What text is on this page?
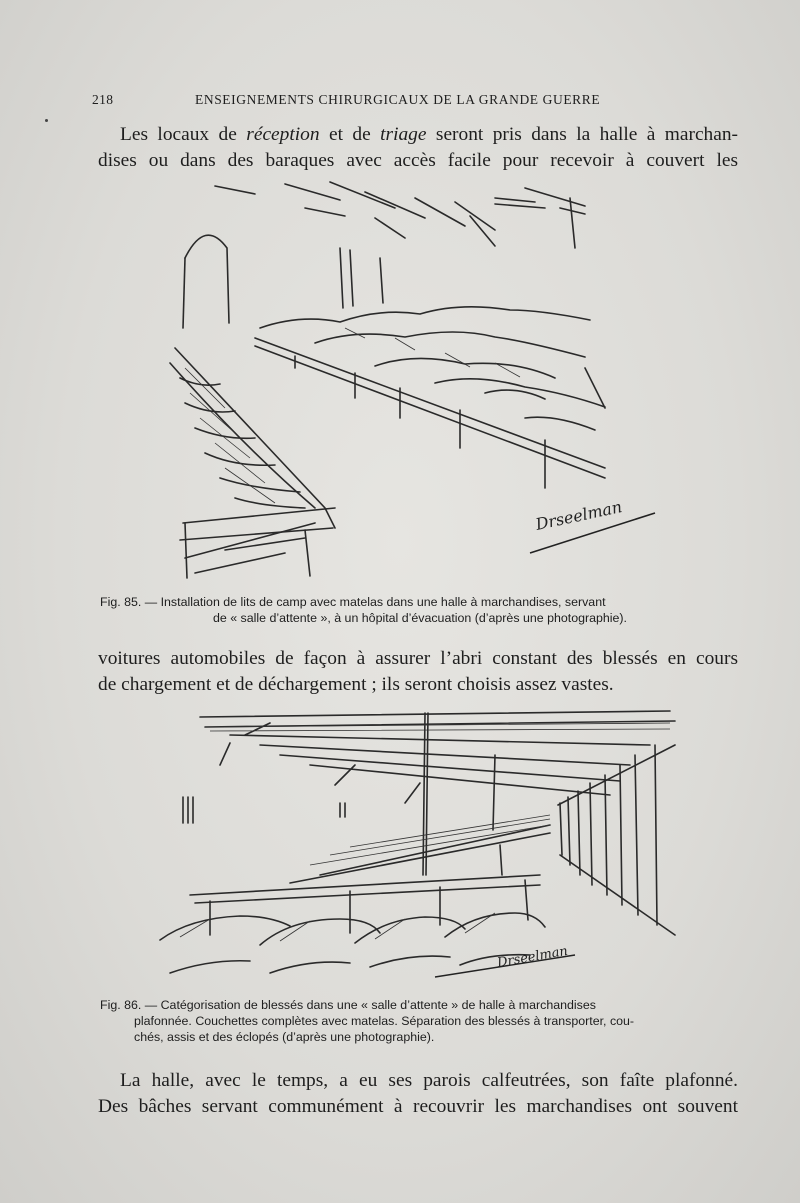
218	ENSEIGNEMENTS CHIRURGICAUX DE LA GRANDE GUERRE
Les locaux de réception et de triage seront pris dans la halle à marchan-
dises ou dans des baraques avec accès facile pour recevoir à couvert les
Drseelman
Fig. 85. — Installation de lits de camp avec matelas dans une halle à marchandises, servant
de « salle d’attente », à un hôpital d’évacuation (d’après une photographie).
voitures automobiles de façon à assurer l’abri constant des blessés en cours
de chargement et de déchargement ; ils seront choisis assez vastes.
Drseelman
Fig. 86. — Catégorisation de blessés dans une « salle d’attente » de halle à marchandises
plafonnée. Couchettes complètes avec matelas. Séparation des blessés à transporter, cou-
chés, assis et des éclopés (d’après une photographie).
La halle, avec le temps, a eu ses parois calfeutrées, son faîte plafonné.
Des bâches servant communément à recouvrir les marchandises ont souvent
